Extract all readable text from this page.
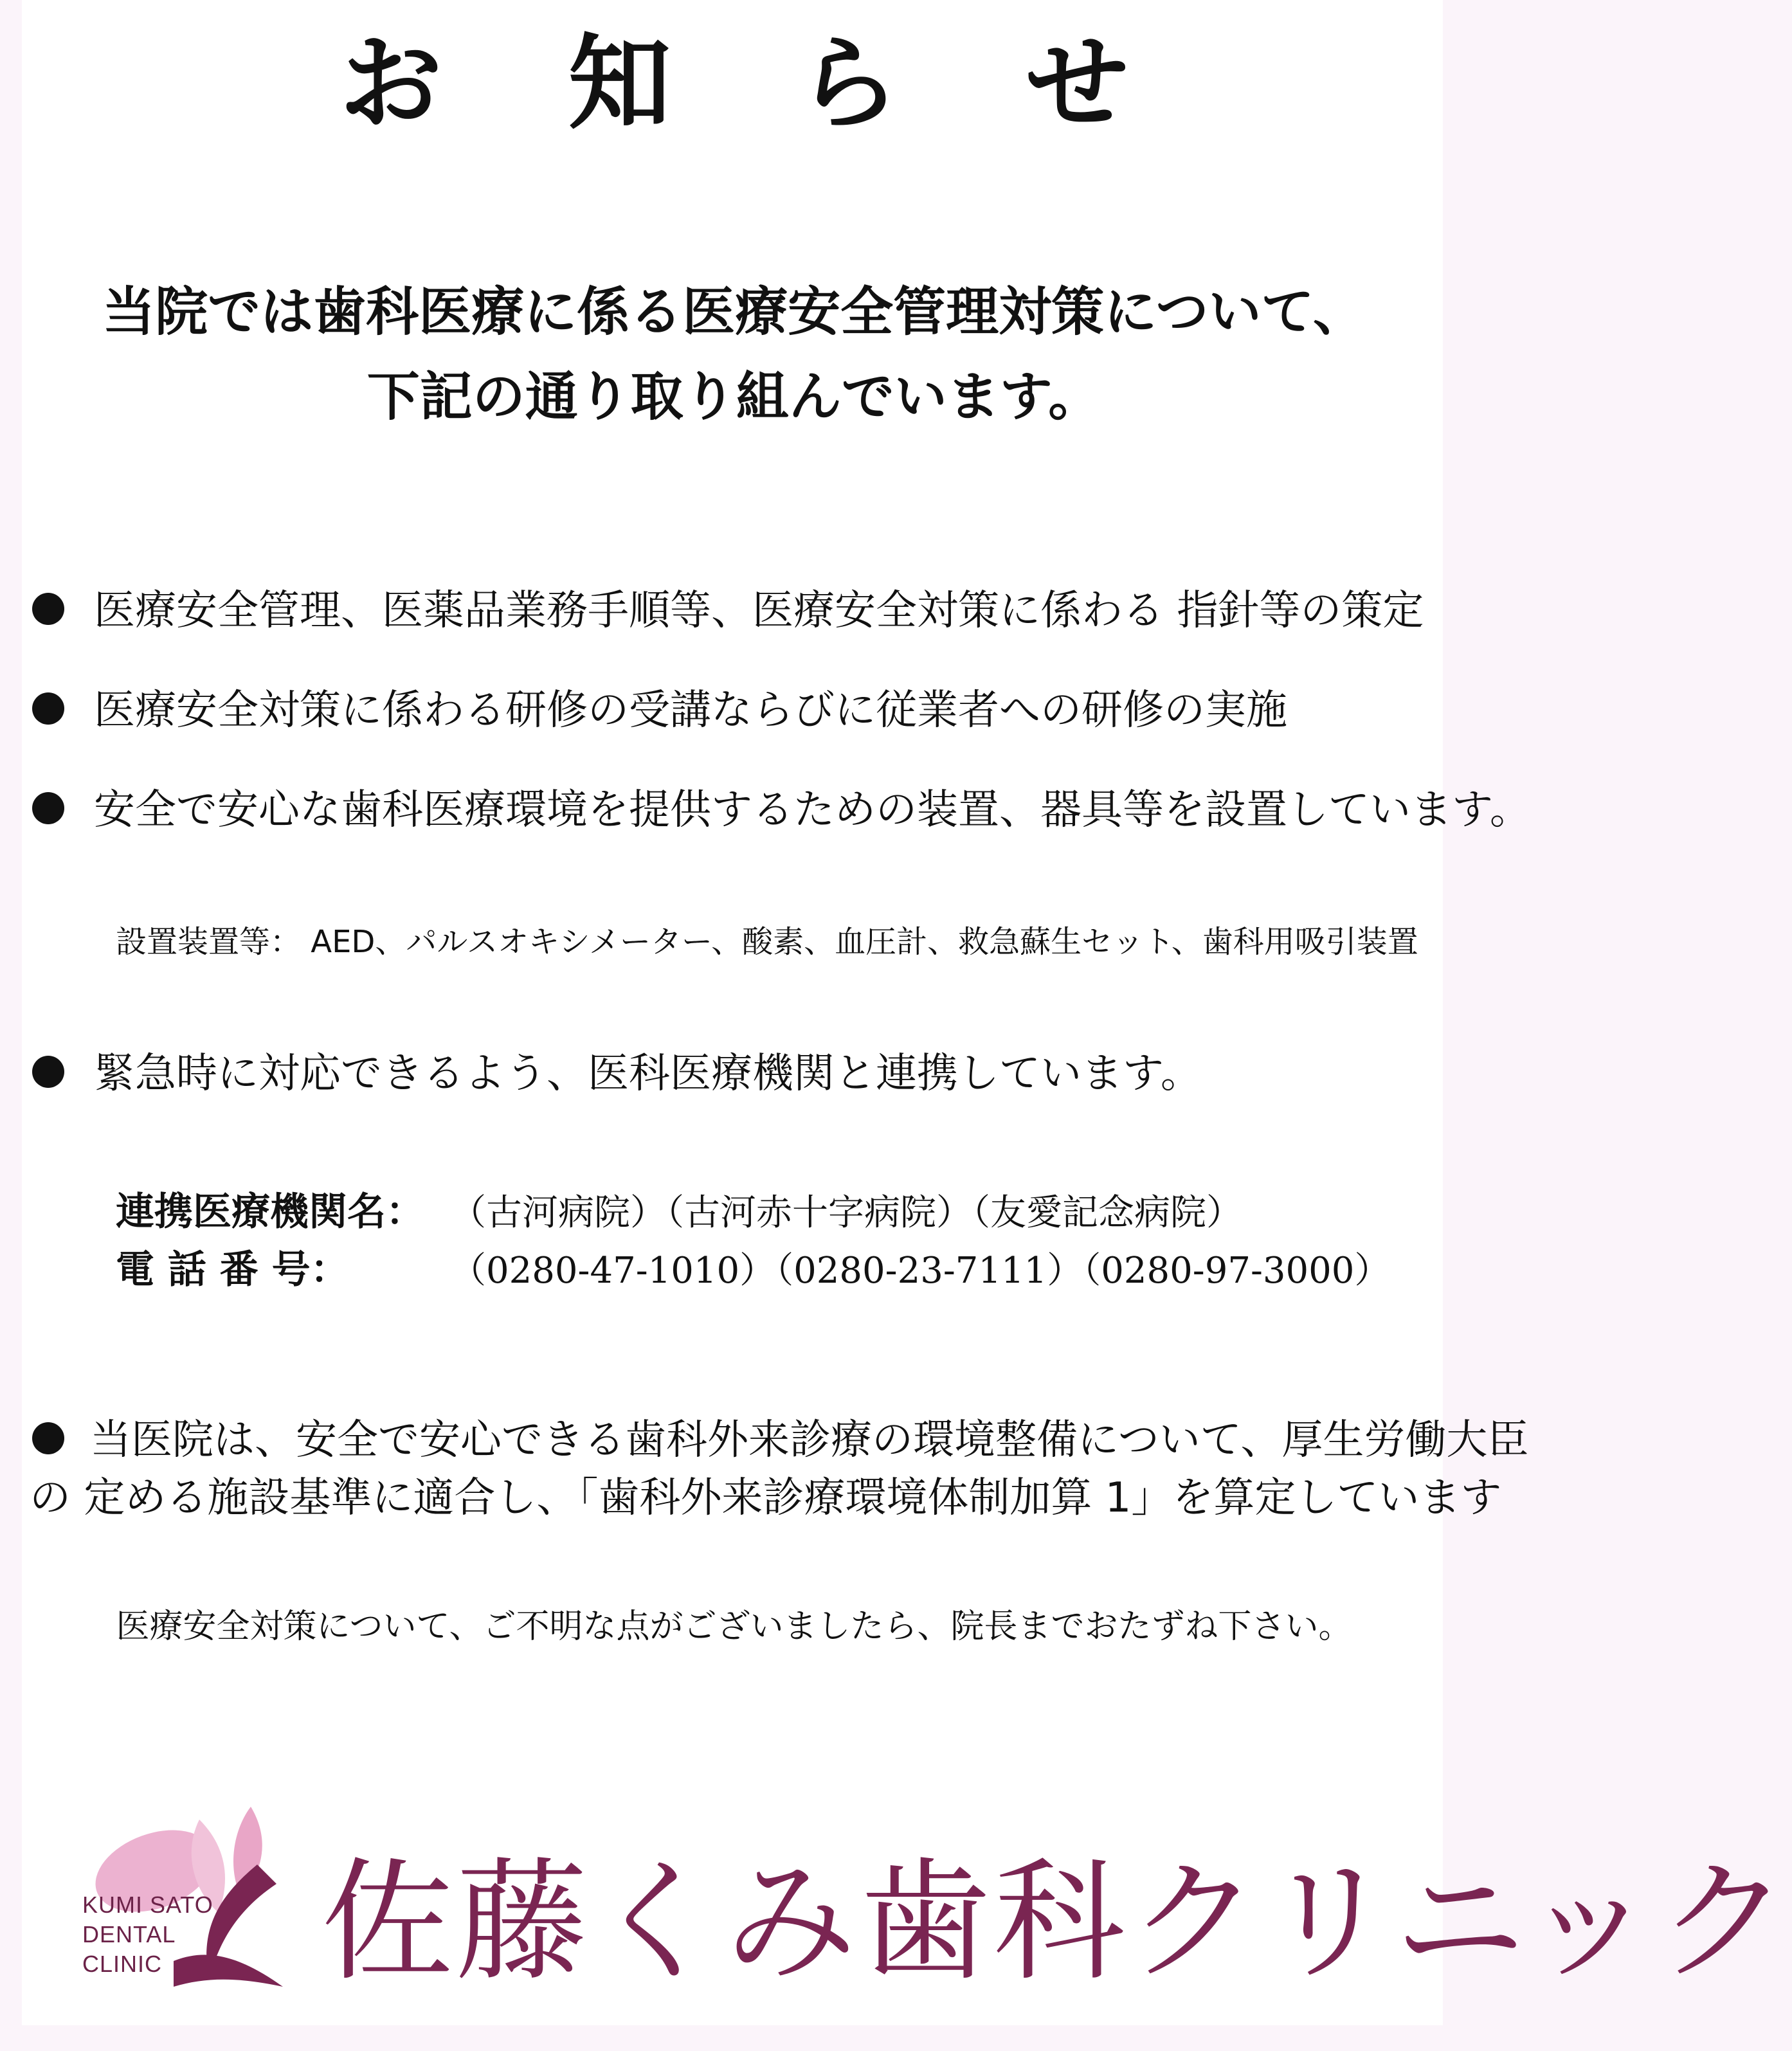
お 知 ら せ
当院では歯科医療に係る医療安全管理対策について、
下記の通り取り組んでいます。
医療安全管理、医薬品業務手順等、医療安全対策に係わる 指針等の策定
医療安全対策に係わる研修の受講ならびに従業者への研修の実施
安全で安心な歯科医療環境を提供するための装置、器具等を設置しています。
設置装置等： AED、パルスオキシメーター、酸素、血圧計、救急蘇生セット、歯科用吸引装置
緊急時に対応できるよう、医科医療機関と連携しています。
連携医療機関名： （古河病院）（古河赤十字病院）（友愛記念病院）
電 話 番 号：	（0280-47-1010）（0280-23-7111）（0280-97-3000）
当医院は、安全で安心できる歯科外来診療の環境整備について、厚生労働大臣
の 定める施設基準に適合し、「歯科外来診療環境体制加算 1」を算定しています
医療安全対策について、ご不明な点がございましたら、院長までおたずね下さい。
KUMI SATO
DENTAL
CLINIC	佐藤くみ歯科クリニック
